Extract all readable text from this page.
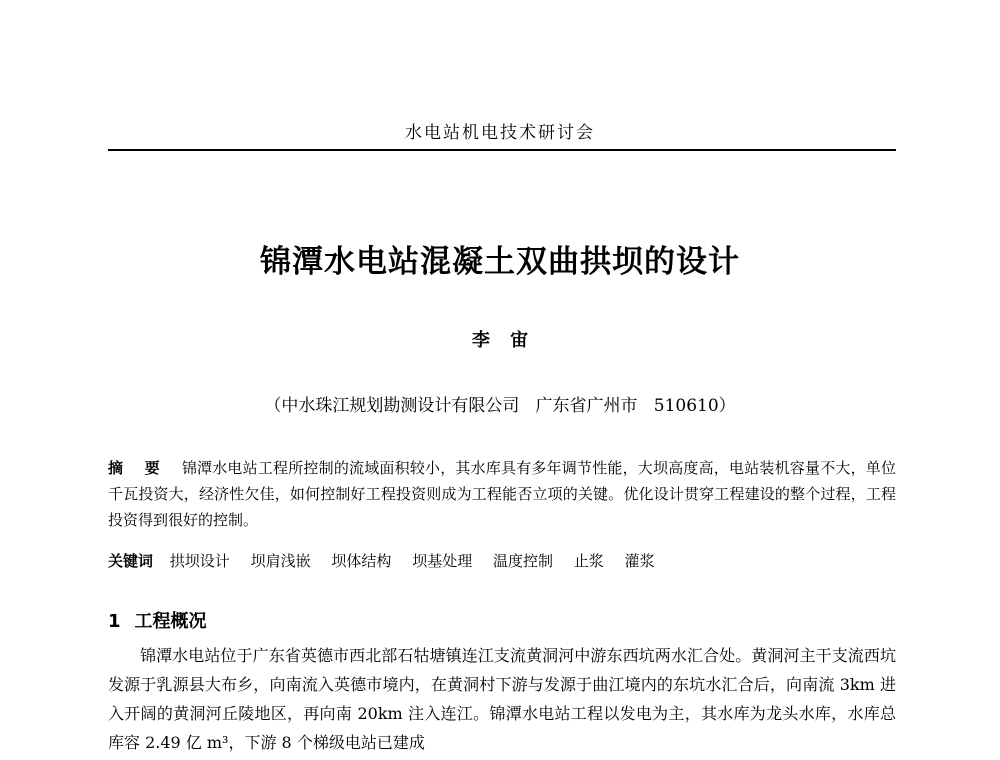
水电站机电技术研讨会
锦潭水电站混凝土双曲拱坝的设计
李 宙
（中水珠江规划勘测设计有限公司   广东省广州市   510610）
摘 要 锦潭水电站工程所控制的流域面积较小，其水库具有多年调节性能，大坝高度高，电站装机容量不大，单位千瓦投资大，经济性欠佳，如何控制好工程投资则成为工程能否立项的关键。优化设计贯穿工程建设的整个过程，工程投资得到很好的控制。
关键词 拱坝设计 坝肩浅嵌 坝体结构 坝基处理 温度控制 止浆 灌浆
1 工程概况
锦潭水电站位于广东省英德市西北部石牯塘镇连江支流黄洞河中游东西坑两水汇合处。黄洞河主干支流西坑发源于乳源县大布乡，向南流入英德市境内，在黄洞村下游与发源于曲江境内的东坑水汇合后，向南流 3km 进入开阔的黄洞河丘陵地区，再向南 20km 注入连江。锦潭水电站工程以发电为主，其水库为龙头水库，水库总库容 2.49 亿 m³，下游 8 个梯级电站已建成
